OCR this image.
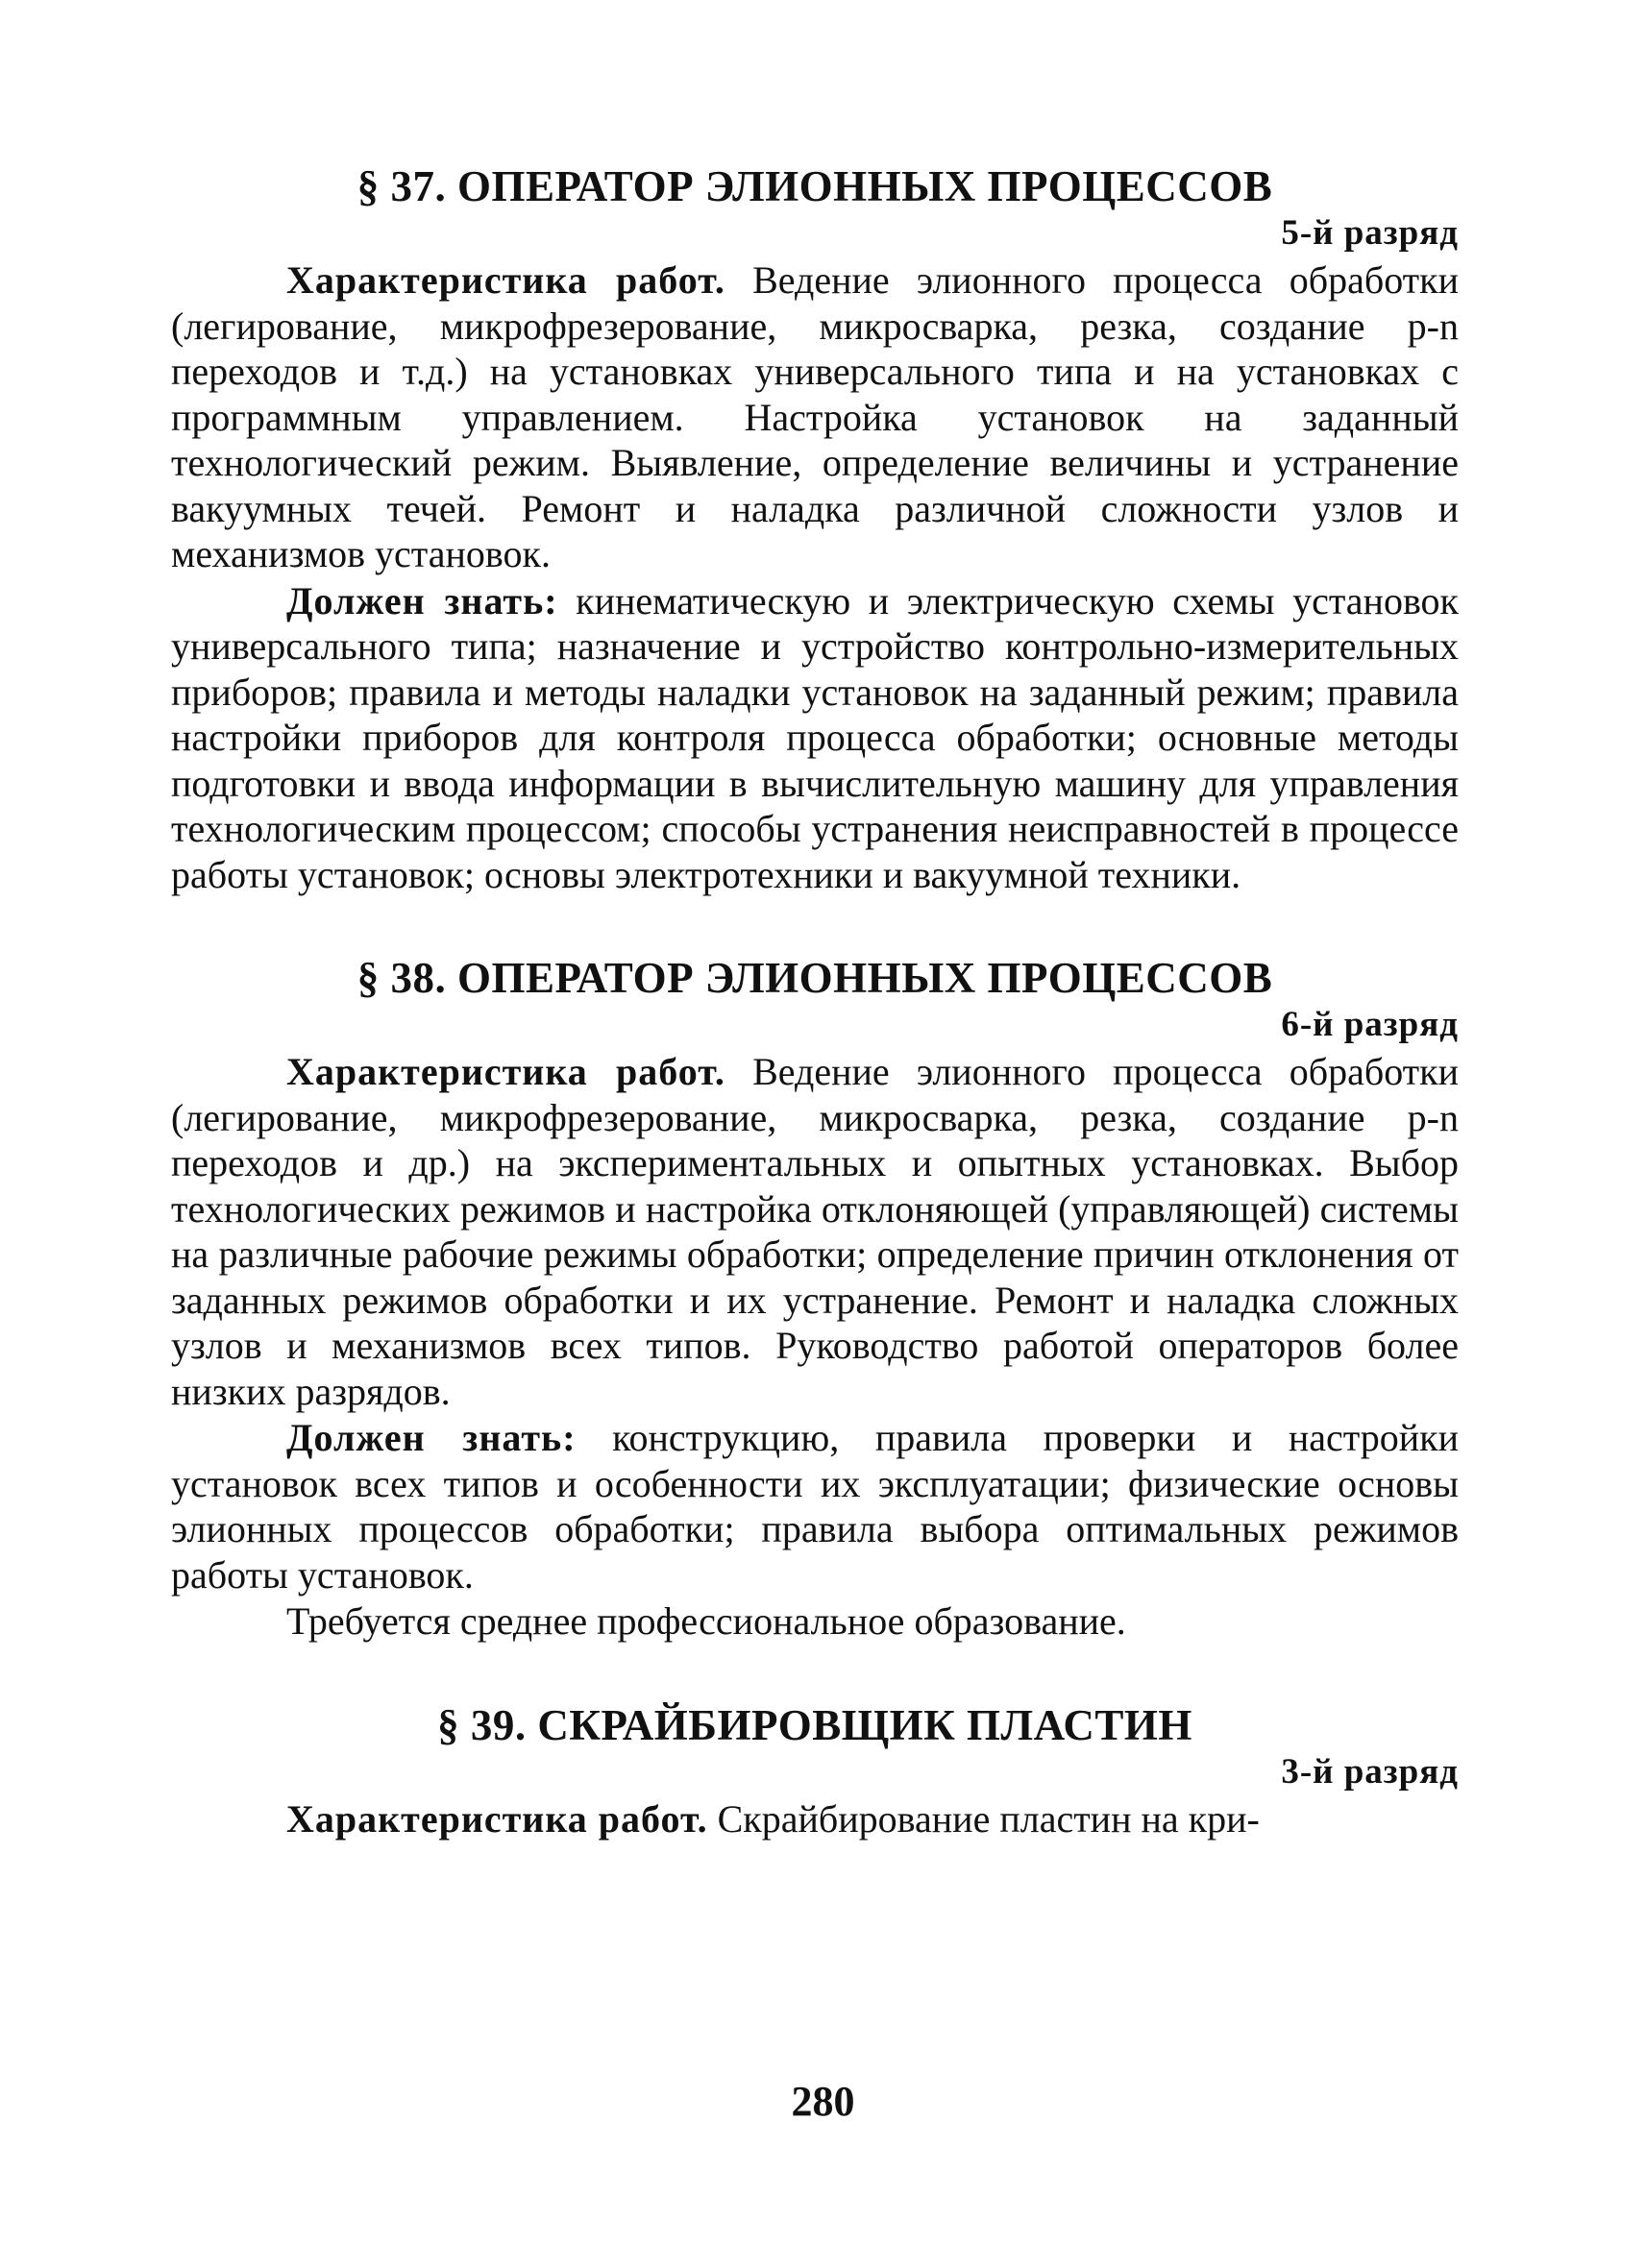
§ 37. ОПЕРАТОР ЭЛИОННЫХ ПРОЦЕССОВ
5-й разряд

Характеристика работ. Ведение элионного процесса обработки (легирование, микрофрезерование, микросварка, резка, создание p-n переходов и т.д.) на установках универсального типа и на установках с программным управлением. Настройка установок на заданный технологический режим. Выявление, определение величины и устранение вакуумных течей. Ремонт и наладка различной сложности узлов и механизмов установок.

Должен знать: кинематическую и электрическую схемы установок универсального типа; назначение и устройство контрольно-измерительных приборов; правила и методы наладки установок на заданный режим; правила настройки приборов для контроля процесса обработки; основные методы подготовки и ввода информации в вычислительную машину для управления технологическим процессом; способы устранения неисправностей в процессе работы установок; основы электротехники и вакуумной техники.

§ 38. ОПЕРАТОР ЭЛИОННЫХ ПРОЦЕССОВ
6-й разряд

Характеристика работ. Ведение элионного процесса обработки (легирование, микрофрезерование, микросварка, резка, создание p-n переходов и др.) на экспериментальных и опытных установках. Выбор технологических режимов и настройка отклоняющей (управляющей) системы на различные рабочие режимы обработки; определение причин отклонения от заданных режимов обработки и их устранение. Ремонт и наладка сложных узлов и механизмов всех типов. Руководство работой операторов более низких разрядов.

Должен знать: конструкцию, правила проверки и настройки установок всех типов и особенности их эксплуатации; физические основы элионных процессов обработки; правила выбора оптимальных режимов работы установок.

Требуется среднее профессиональное образование.

§ 39. СКРАЙБИРОВЩИК ПЛАСТИН
3-й разряд

Характеристика работ. Скрайбирование пластин на кри-

280
